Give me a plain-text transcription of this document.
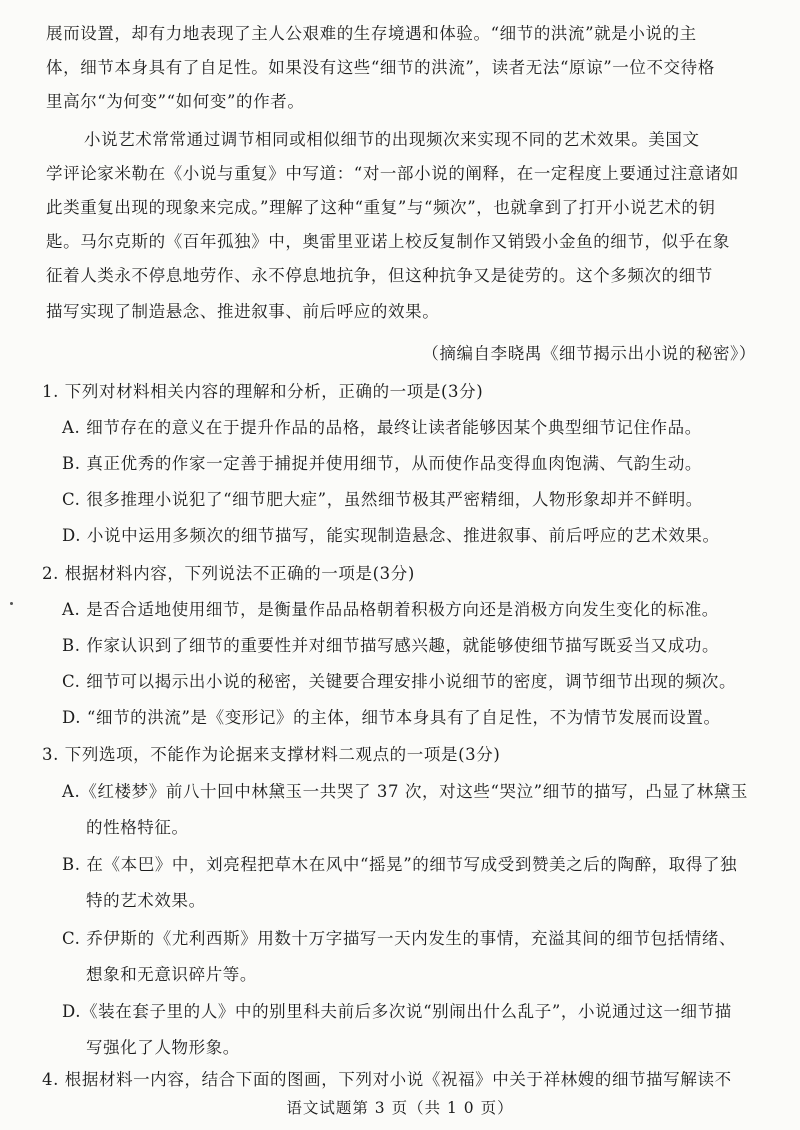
展而设置，却有力地表现了主人公艰难的生存境遇和体验。“细节的洪流”就是小说的主
体，细节本身具有了自足性。如果没有这些“细节的洪流”，读者无法“原谅”一位不交待格
里高尔“为何变”“如何变”的作者。
小说艺术常常通过调节相同或相似细节的出现频次来实现不同的艺术效果。美国文
学评论家米勒在《小说与重复》中写道：“对一部小说的阐释，在一定程度上要通过注意诸如
此类重复出现的现象来完成。”理解了这种“重复”与“频次”，也就拿到了打开小说艺术的钥
匙。马尔克斯的《百年孤独》中，奥雷里亚诺上校反复制作又销毁小金鱼的细节，似乎在象
征着人类永不停息地劳作、永不停息地抗争，但这种抗争又是徒劳的。这个多频次的细节
描写实现了制造悬念、推进叙事、前后呼应的效果。
（摘编自李晓禺《细节揭示出小说的秘密》）
1. 下列对材料相关内容的理解和分析，正确的一项是(3分)
A. 细节存在的意义在于提升作品的品格，最终让读者能够因某个典型细节记住作品。
B. 真正优秀的作家一定善于捕捉并使用细节，从而使作品变得血肉饱满、气韵生动。
C. 很多推理小说犯了“细节肥大症”，虽然细节极其严密精细，人物形象却并不鲜明。
D. 小说中运用多频次的细节描写，能实现制造悬念、推进叙事、前后呼应的艺术效果。
2. 根据材料内容，下列说法不正确的一项是(3分)
A. 是否合适地使用细节，是衡量作品品格朝着积极方向还是消极方向发生变化的标准。
B. 作家认识到了细节的重要性并对细节描写感兴趣，就能够使细节描写既妥当又成功。
C. 细节可以揭示出小说的秘密，关键要合理安排小说细节的密度，调节细节出现的频次。
D. “细节的洪流”是《变形记》的主体，细节本身具有了自足性，不为情节发展而设置。
3. 下列选项，不能作为论据来支撑材料二观点的一项是(3分)
A.《红楼梦》前八十回中林黛玉一共哭了 37 次，对这些“哭泣”细节的描写，凸显了林黛玉
的性格特征。
B. 在《本巴》中，刘亮程把草木在风中“摇晃”的细节写成受到赞美之后的陶醉，取得了独
特的艺术效果。
C. 乔伊斯的《尤利西斯》用数十万字描写一天内发生的事情，充溢其间的细节包括情绪、
想象和无意识碎片等。
D.《装在套子里的人》中的别里科夫前后多次说“别闹出什么乱子”，小说通过这一细节描
写强化了人物形象。
4. 根据材料一内容，结合下面的图画，下列对小说《祝福》中关于祥林嫂的细节描写解读不
语文试题第 3 页（共 1 0 页）
